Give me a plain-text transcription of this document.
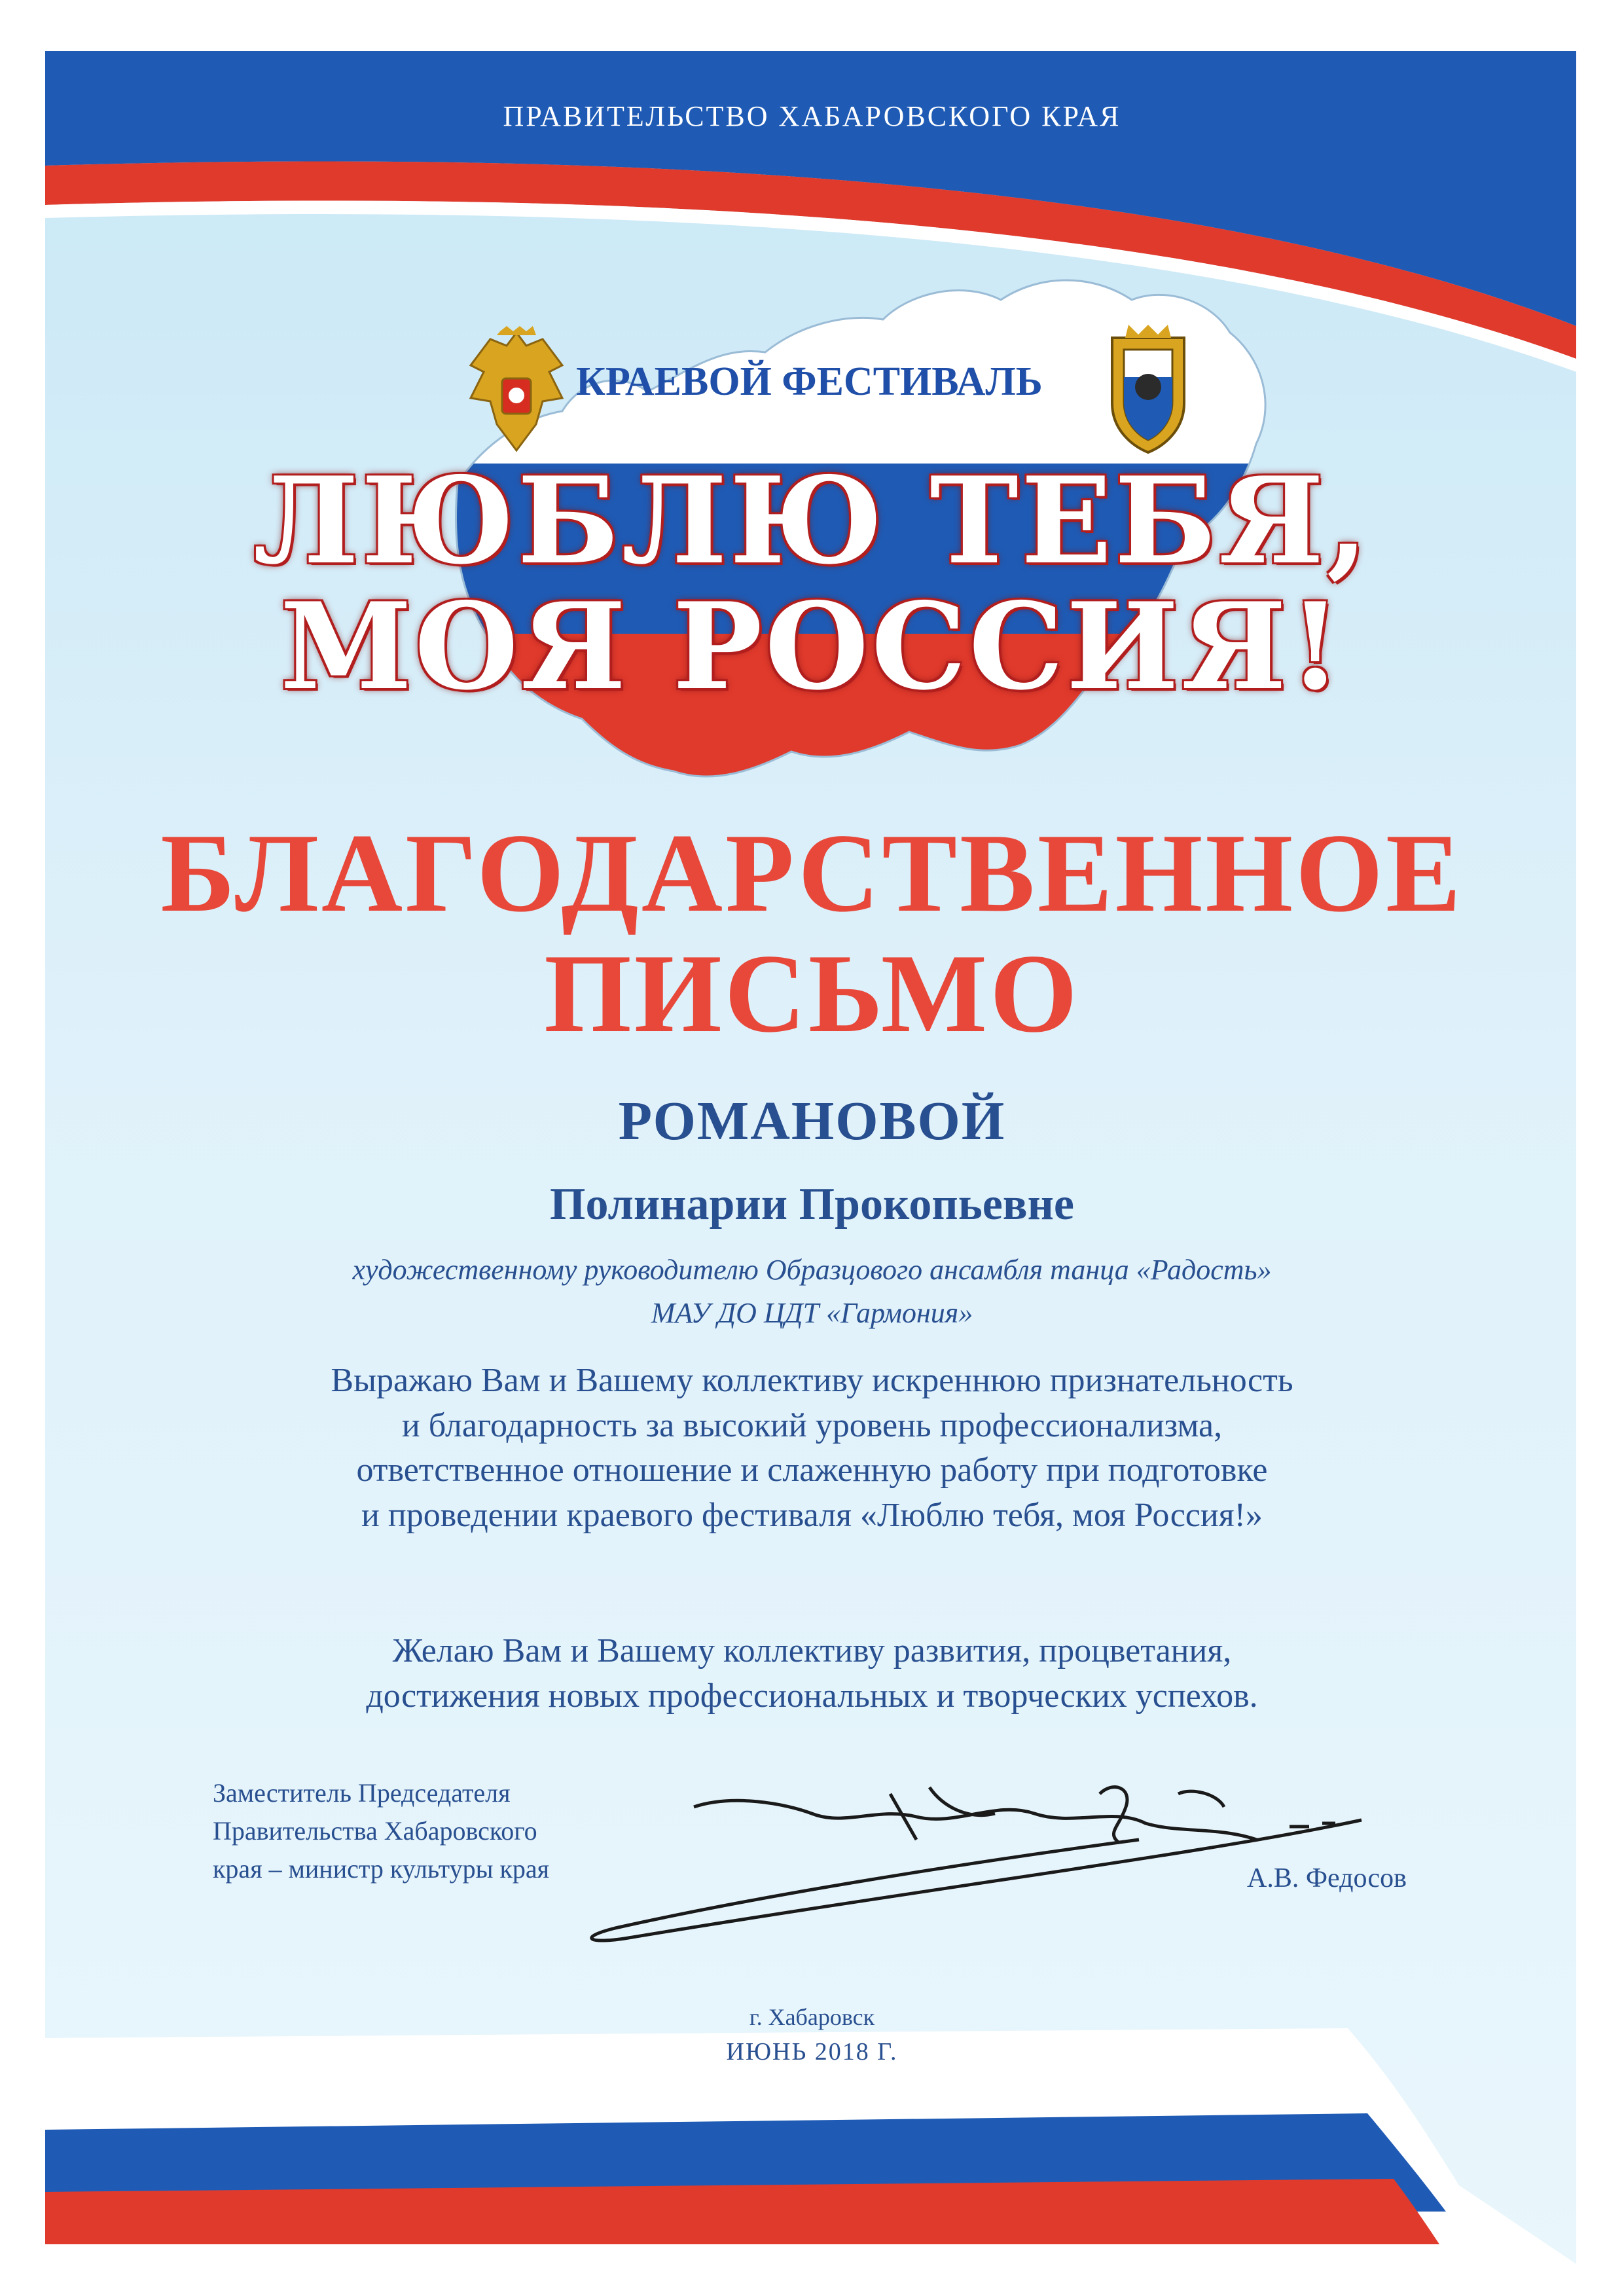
ПРАВИТЕЛЬСТВО ХАБАРОВСКОГО КРАЯ
КРАЕВОЙ ФЕСТИВАЛЬ
ЛЮБЛЮ ТЕБЯ,
МОЯ РОССИЯ!
БЛАГОДАРСТВЕННОЕ
ПИСЬМО
РОМАНОВОЙ
Полинарии Прокопьевне
художественному руководителю Образцового ансамбля танца «Радость»
МАУ ДО ЦДТ «Гармония»
Выражаю Вам и Вашему коллективу искреннюю признательность
и благодарность за высокий уровень профессионализма,
ответственное отношение и слаженную работу при подготовке
и проведении краевого фестиваля «Люблю тебя, моя Россия!»
Желаю Вам и Вашему коллективу развития, процветания,
достижения новых профессиональных и творческих успехов.
Заместитель Председателя
Правительства Хабаровского
края – министр культуры края	А.В. Федосов
г. Хабаровск
ИЮНЬ 2018 Г.
